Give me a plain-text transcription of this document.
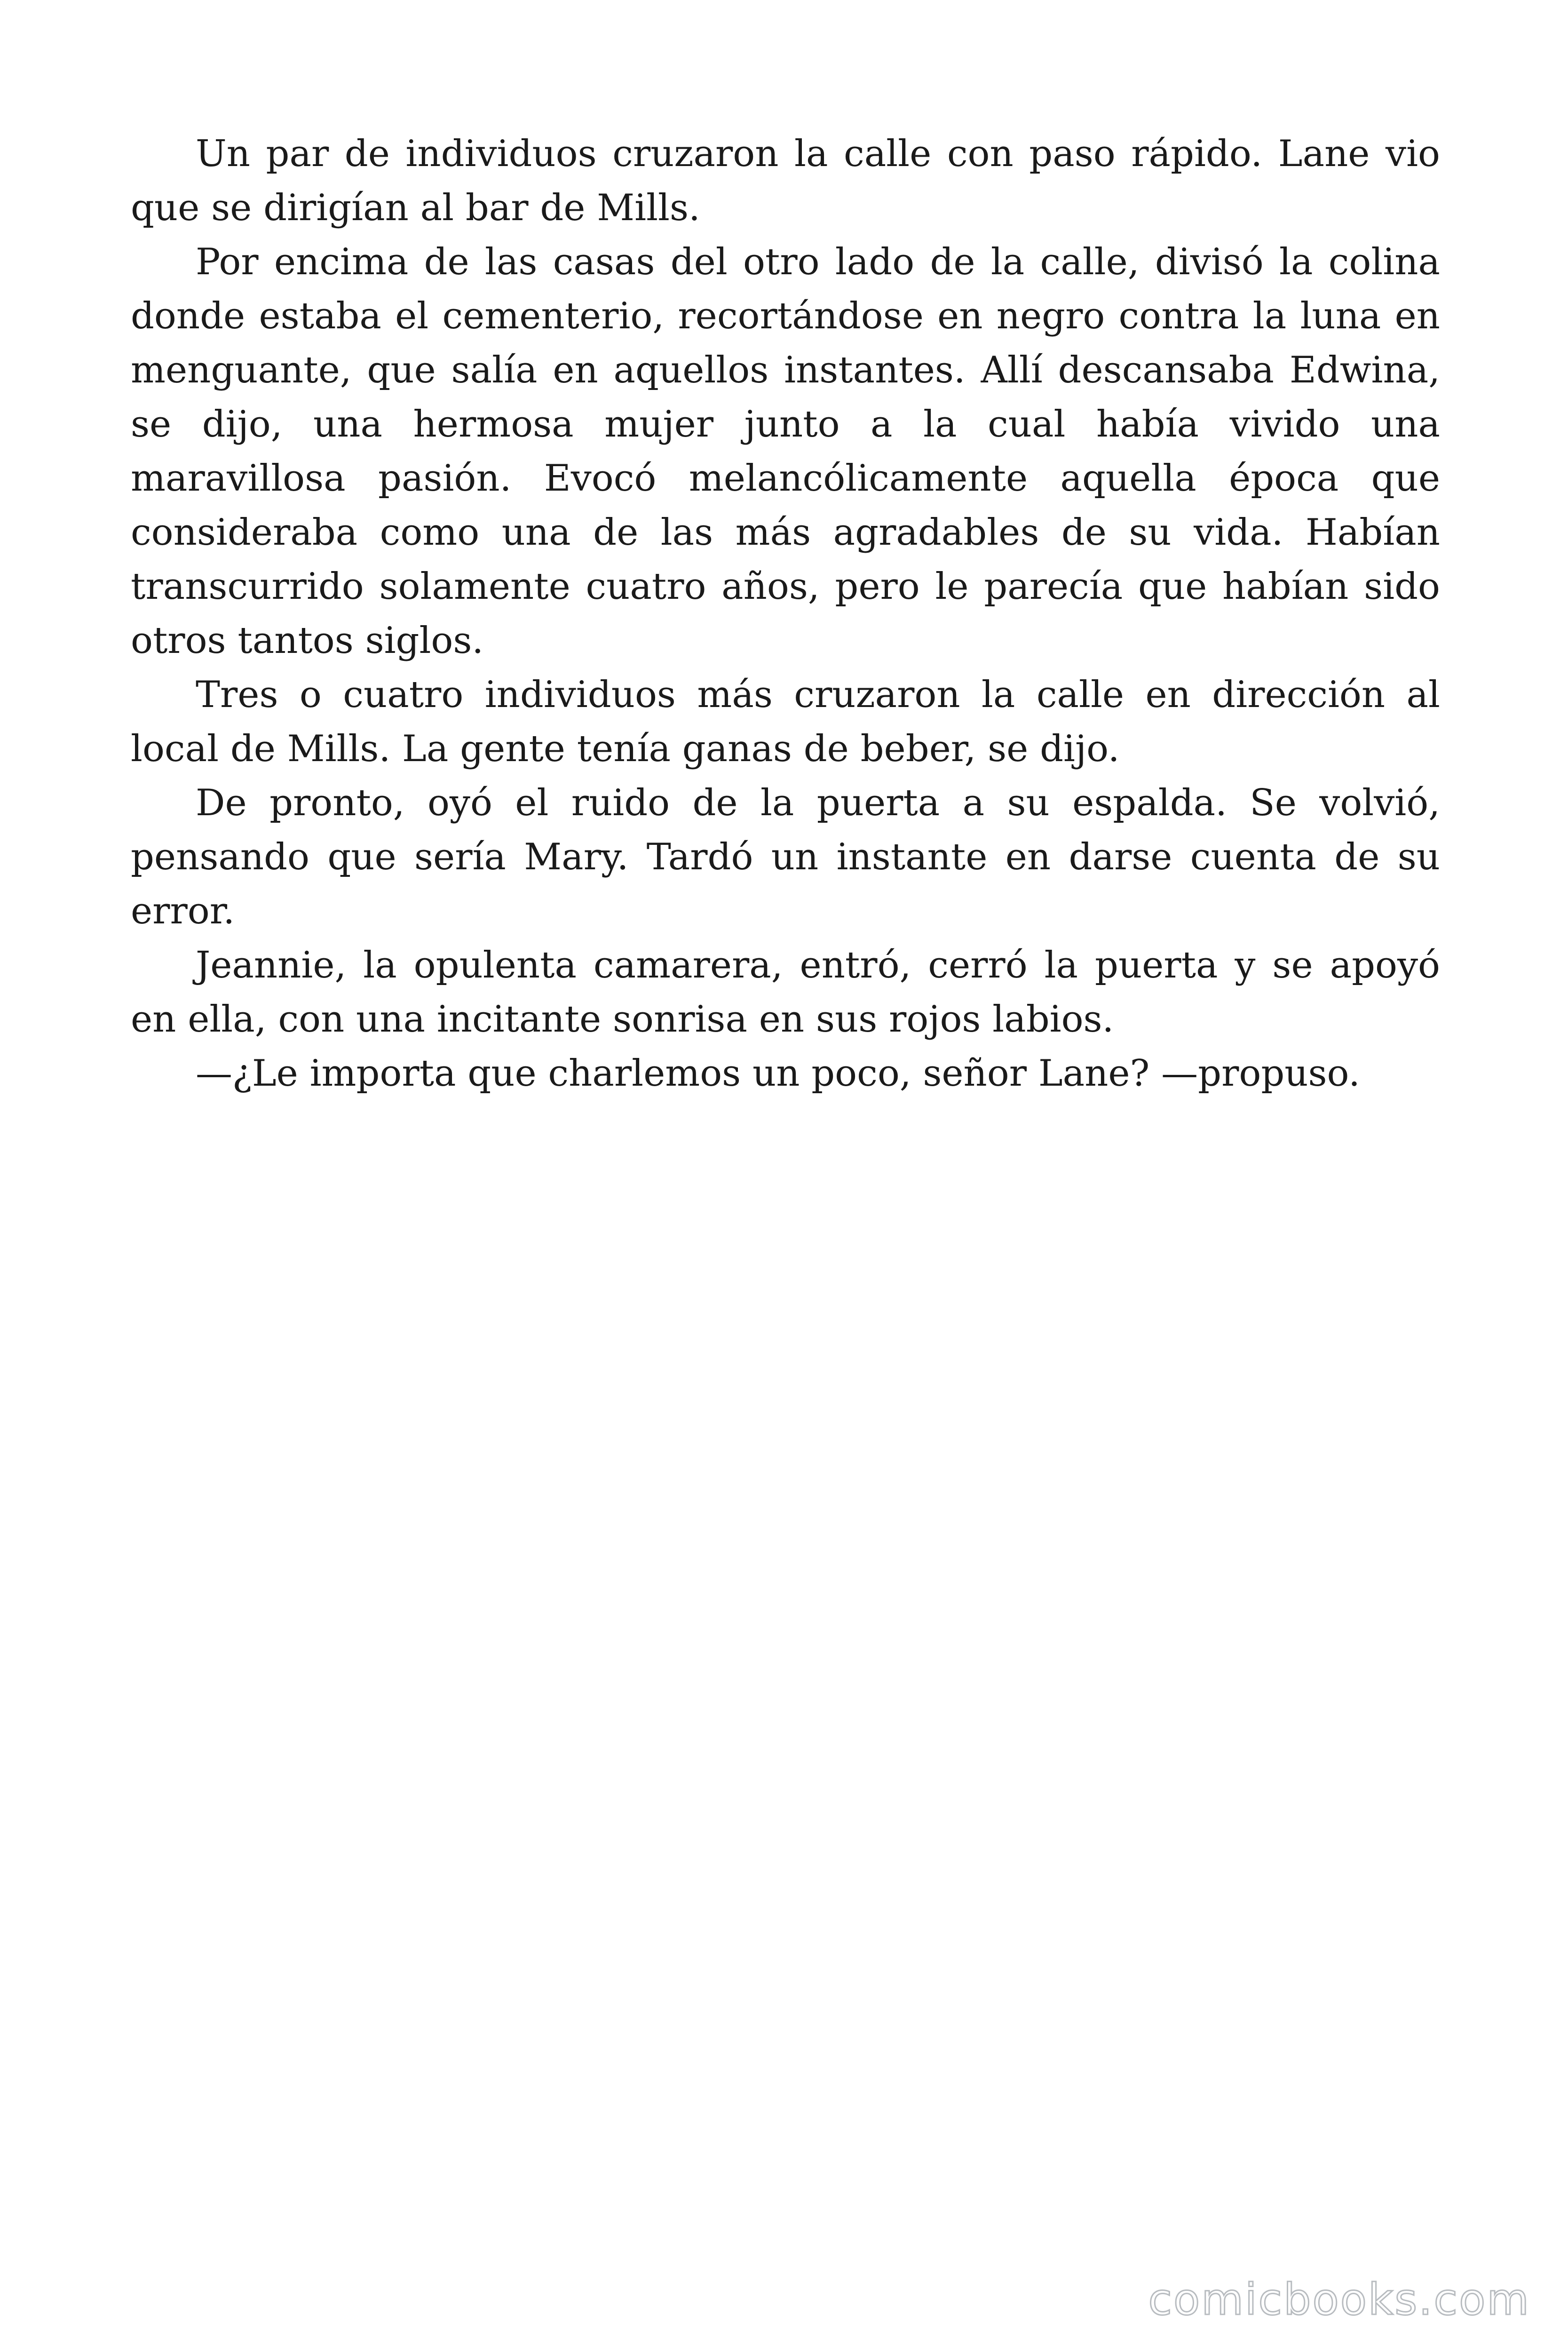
Un par de individuos cruzaron la calle con paso rápido. Lane vio que se dirigían al bar de Mills.

Por encima de las casas del otro lado de la calle, divisó la colina donde estaba el cementerio, recortándose en negro contra la luna en menguante, que salía en aquellos instantes. Allí descansaba Edwina, se dijo, una hermosa mujer junto a la cual había vivido una maravillosa pasión. Evocó melancólicamente aquella época que consideraba como una de las más agradables de su vida. Habían transcurrido solamente cuatro años, pero le parecía que habían sido otros tantos siglos.

Tres o cuatro individuos más cruzaron la calle en dirección al local de Mills. La gente tenía ganas de beber, se dijo.

De pronto, oyó el ruido de la puerta a su espalda. Se volvió, pensando que sería Mary. Tardó un instante en darse cuenta de su error.

Jeannie, la opulenta camarera, entró, cerró la puerta y se apoyó en ella, con una incitante sonrisa en sus rojos labios.

—¿Le importa que charlemos un poco, señor Lane? —propuso.

comicbooks.com
